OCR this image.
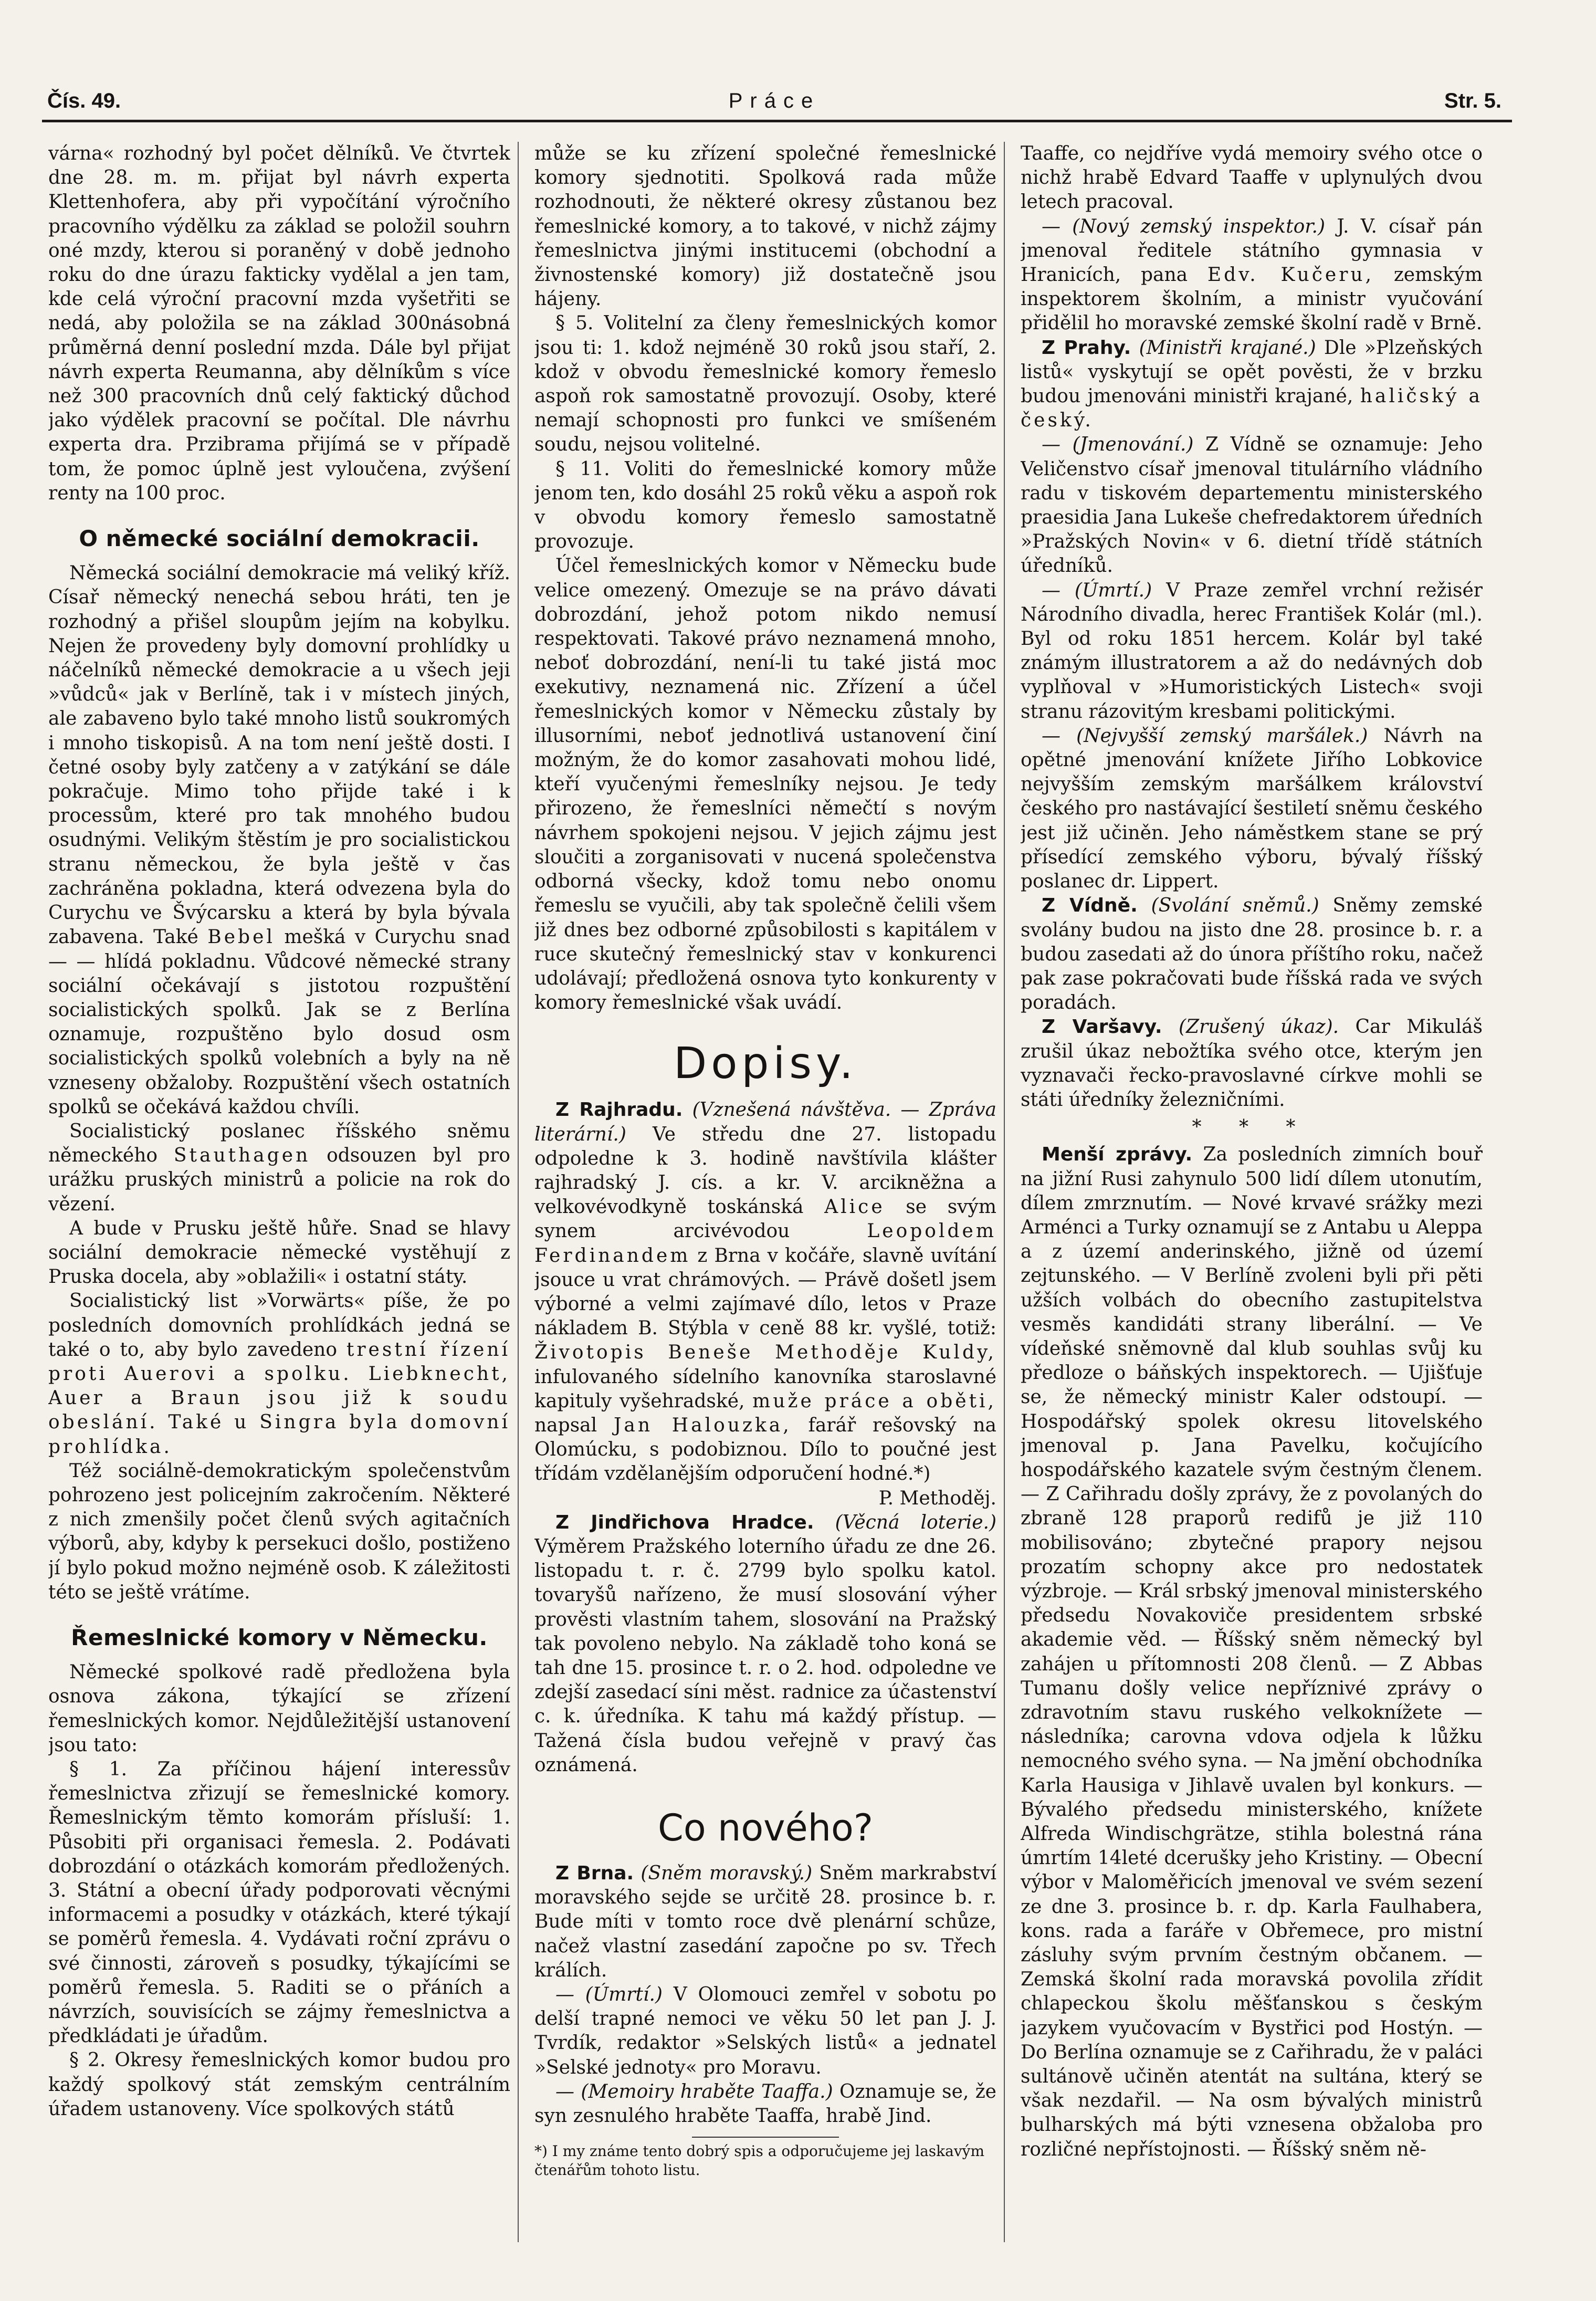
Čís. 49.	Práce	Str. 5.

várna« rozhodný byl počet dělníků. Ve čtvrtek dne 28. m. m. přijat byl návrh experta Klettenhofera, aby při vypočítání výročního pracovního výdělku za základ se položil souhrn oné mzdy, kterou si poraněný v době jednoho roku do dne úrazu fakticky vydělal a jen tam, kde celá výroční pracovní mzda vyšetřiti se nedá, aby položila se na základ 300násobná průměrná denní poslední mzda. Dále byl přijat návrh experta Reumanna, aby dělníkům s více než 300 pracovních dnů celý faktický důchod jako výdělek pracovní se počítal. Dle návrhu experta dra. Przibrama přijímá se v případě tom, že pomoc úplně jest vyloučena, zvýšení renty na 100 proc.

O německé sociální demokracii.

Německá sociální demokracie má veliký kříž. Císař německý nenechá sebou hráti, ten je rozhodný a přišel sloupům jejím na kobylku. Nejen že provedeny byly domovní prohlídky u náčelníků německé demokracie a u všech jeji »vůdců« jak v Berlíně, tak i v místech jiných, ale zabaveno bylo také mnoho listů soukromých i mnoho tiskopisů. A na tom není ještě dosti. I četné osoby byly zatčeny a v zatýkání se dále pokračuje. Mimo toho přijde také i k processům, které pro tak mnohého budou osudnými. Velikým štěstím je pro socialistickou stranu německou, že byla ještě v čas zachráněna pokladna, která odvezena byla do Curychu ve Švýcarsku a která by byla bývala zabavena. Také Bebel mešká v Curychu snad — — hlídá pokladnu. Vůdcové německé strany sociální očekávají s jistotou rozpuštění socialistických spolků. Jak se z Berlína oznamuje, rozpuštěno bylo dosud osm socialistických spolků volebních a byly na ně vzneseny obžaloby. Rozpuštění všech ostatních spolků se očekává každou chvíli.

Socialistický poslanec říšského sněmu německého Stauthagen odsouzen byl pro urážku pruských ministrů a policie na rok do vězení.

A bude v Prusku ještě hůře. Snad se hlavy sociální demokracie německé vystěhují z Pruska docela, aby »oblažili« i ostatní státy.

Socialistický list »Vorwärts« píše, že po posledních domovních prohlídkách jedná se také o to, aby bylo zavedeno trestní řízení proti Auerovi a spolku. Liebknecht, Auer a Braun jsou již k soudu obeslání. Také u Singra byla domovní prohlídka.

Též sociálně-demokratickým společenstvům pohrozeno jest policejním zakročením. Některé z nich zmenšily počet členů svých agitačních výborů, aby, kdyby k persekuci došlo, postiženo jí bylo pokud možno nejméně osob. K záležitosti této se ještě vrátíme.

Řemeslnické komory v Německu.

Německé spolkové radě předložena byla osnova zákona, týkající se zřízení řemeslnických komor. Nejdůležitější ustanovení jsou tato:

§ 1. Za příčinou hájení interessův řemeslnictva zřizují se řemeslnické komory. Řemeslnickým těmto komorám přísluší: 1. Působiti při organisaci řemesla. 2. Podávati dobrozdání o otázkách komorám předložených. 3. Státní a obecní úřady podporovati věcnými informacemi a posudky v otázkách, které týkají se poměrů řemesla. 4. Vydávati roční zprávu o své činnosti, zároveň s posudky, týkajícími se poměrů řemesla. 5. Raditi se o přáních a návrzích, souvisících se zájmy řemeslnictva a předkládati je úřadům.

§ 2. Okresy řemeslnických komor budou pro každý spolkový stát zemským centrálním úřadem ustanoveny. Více spolkových států

může se ku zřízení společné řemeslnické komory sjednotiti. Spolková rada může rozhodnouti, že některé okresy zůstanou bez řemeslnické komory, a to takové, v nichž zájmy řemeslnictva jinými institucemi (obchodní a živnostenské komory) již dostatečně jsou hájeny.

§ 5. Volitelní za členy řemeslnických komor jsou ti: 1. kdož nejméně 30 roků jsou staří, 2. kdož v obvodu řemeslnické komory řemeslo aspoň rok samostatně provozují. Osoby, které nemají schopnosti pro funkci ve smíšeném soudu, nejsou volitelné.

§ 11. Voliti do řemeslnické komory může jenom ten, kdo dosáhl 25 roků věku a aspoň rok v obvodu komory řemeslo samostatně provozuje.

Účel řemeslnických komor v Německu bude velice omezený. Omezuje se na právo dávati dobrozdání, jehož potom nikdo nemusí respektovati. Takové právo neznamená mnoho, neboť dobrozdání, není-li tu také jistá moc exekutivy, neznamená nic. Zřízení a účel řemeslnických komor v Německu zůstaly by illusorními, neboť jednotlivá ustanovení činí možným, že do komor zasahovati mohou lidé, kteří vyučenými řemeslníky nejsou. Je tedy přirozeno, že řemeslníci němečtí s novým návrhem spokojeni nejsou. V jejich zájmu jest sloučiti a zorganisovati v nucená společenstva odborná všecky, kdož tomu nebo onomu řemeslu se vyučili, aby tak společně čelili všem již dnes bez odborné způsobilosti s kapitálem v ruce skutečný řemeslnický stav v konkurenci udolávají; předložená osnova tyto konkurenty v komory řemeslnické však uvádí.

Dopisy.

Z Rajhradu. (Vznešená návštěva. — Zpráva literární.) Ve středu dne 27. listopadu odpoledne k 3. hodině navštívila klášter rajhradský J. cís. a kr. V. arcikněžna a velkovévodkyně toskánská Alice se svým synem arcivévodou	Leopoldem Ferdinandem z Brna v kočáře, slavně uvítání jsouce u vrat chrámových. — Právě došetl jsem výborné a velmi zajímavé dílo, letos v Praze nákladem B. Stýbla v ceně 88 kr. vyšlé, totiž: Životopis Beneše Methoděje Kuldy, infulovaného sídelního kanovníka staroslavné kapituly vyšehradské, muže práce a oběti, napsal Jan Halouzka, farář rešovský na Olomúcku, s podobiznou. Dílo to poučné jest třídám vzdělanějším odporučení hodné.*)

P. Methoděj.

Z Jindřichova Hradce. (Věcná loterie.) Výměrem Pražského loterního úřadu ze dne 26. listopadu t. r. č. 2799 bylo spolku katol. tovaryšů nařízeno, že musí slosování výher prověsti vlastním tahem, slosování na Pražský tak povoleno nebylo. Na základě toho koná se tah dne 15. prosince t. r. o 2. hod. odpoledne ve zdejší zasedací síni měst. radnice za účastenství c. k. úředníka. K tahu má každý přístup. — Tažená čísla budou veřejně v pravý čas oznámená.

Co nového?

Z Brna. (Sněm moravský.) Sněm markrabství moravského sejde se určitě 28. prosince b. r. Bude míti v tomto roce dvě plenární schůze, načež vlastní zasedání započne po sv. Třech králích.

— (Úmrtí.) V Olomouci zemřel v sobotu po delší trapné nemoci ve věku 50 let pan J. J. Tvrdík, redaktor »Selských listů« a jednatel »Selské jednoty« pro Moravu.

— (Memoiry hraběte Taaffa.) Oznamuje se, že syn zesnulého hraběte Taaffa, hrabě Jind.

*) I my známe tento dobrý spis a odporučujeme jej laskavým čtenářům tohoto listu.

Taaffe, co nejdříve vydá memoiry svého otce o nichž hrabě Edvard Taaffe v uplynulých dvou letech pracoval.

— (Nový zemský inspektor.) J. V. císař pán jmenoval ředitele státního gymnasia v Hranicích, pana Edv. Kučeru, zemským inspektorem školním, a ministr vyučování přidělil ho moravské zemské školní radě v Brně.

Z Prahy. (Ministři krajané.) Dle »Plzeňských listů« vyskytují se opět pověsti, že v brzku budou jmenováni ministři krajané, haličský a český.

— (Jmenování.) Z Vídně se oznamuje: Jeho Veličenstvo císař jmenoval titulárního vládního radu v tiskovém departementu ministerského praesidia Jana Lukeše chefredaktorem úředních »Pražských Novin« v 6. dietní třídě státních úředníků.

— (Úmrtí.) V Praze zemřel vrchní režisér Národního divadla, herec František Kolár (ml.). Byl od roku 1851 hercem. Kolár byl také známým illustratorem a až do nedávných dob vyplňoval v »Humoristických Listech« svoji stranu rázovitým kresbami politickými.

— (Nejvyšší zemský maršálek.) Návrh na opětné jmenování knížete Jiřího Lobkovice nejvyšším zemským maršálkem království českého pro nastávající šestiletí sněmu českého jest již učiněn. Jeho náměstkem stane se prý přísedící zemského výboru, bývalý říšský poslanec dr. Lippert.

Z Vídně. (Svolání sněmů.) Sněmy zemské svolány budou na jisto dne 28. prosince b. r. a budou zasedati až do února příštího roku, načež pak zase pokračovati bude říšská rada ve svých poradách.

Z Varšavy. (Zrušený úkaz). Car Mikuláš zrušil úkaz nebožtíka svého otce, kterým jen vyznavači řecko-pravoslavné církve mohli se státi úředníky železničními.

* * *

Menší zprávy. Za posledních zimních bouř na jižní Rusi zahynulo 500 lidí dílem utonutím, dílem zmrznutím. — Nové krvavé srážky mezi Arménci a Turky oznamují se z Antabu u Aleppa a z území anderinského, jižně od území zejtunského. — V Berlíně zvoleni byli při pěti užších volbách do obecního zastupitelstva vesměs kandidáti strany liberální. — Ve vídeňské sněmovně dal klub souhlas svůj ku předloze o báňských inspektorech. — Ujišťuje se, že německý ministr Kaler odstoupí. — Hospodářský spolek okresu litovelského jmenoval p. Jana Pavelku, kočujícího hospodářského kazatele svým čestným členem. — Z Cařihradu došly zprávy, že z povolaných do zbraně 128 praporů redifů je již 110 mobilisováno; zbytečné prapory nejsou prozatím schopny akce pro nedostatek výzbroje. — Král srbský jmenoval ministerského předsedu Novakoviče presidentem srbské akademie věd. — Říšský sněm německý byl zahájen u přítomnosti 208 členů. — Z Abbas Tumanu došly velice nepříznivé zprávy o zdravotním stavu ruského velkoknížete — následníka; carovna vdova odjela k lůžku nemocného svého syna. — Na jmění obchodníka Karla Hausiga v Jihlavě uvalen byl konkurs. — Bývalého předsedu ministerského, knížete Alfreda Windischgrätze, stihla bolestná rána úmrtím 14leté dcerušky jeho Kristiny. — Obecní výbor v Maloměřicích jmenoval ve svém sezení ze dne 3. prosince b. r. dp. Karla Faulhabera, kons. rada a faráře v Obřemece, pro mistní zásluhy svým prvním čestným občanem. — Zemská školní rada moravská povolila zřídit chlapeckou školu měšťanskou s českým jazykem vyučovacím v Bystřici pod Hostýn. — Do Berlína oznamuje se z Cařihradu, že v paláci sultánově učiněn atentát na sultána, který se však nezdařil. — Na osm bývalých ministrů bulharských má býti vznesena obžaloba pro rozličné nepřístojnosti. — Říšský sněm ně-
